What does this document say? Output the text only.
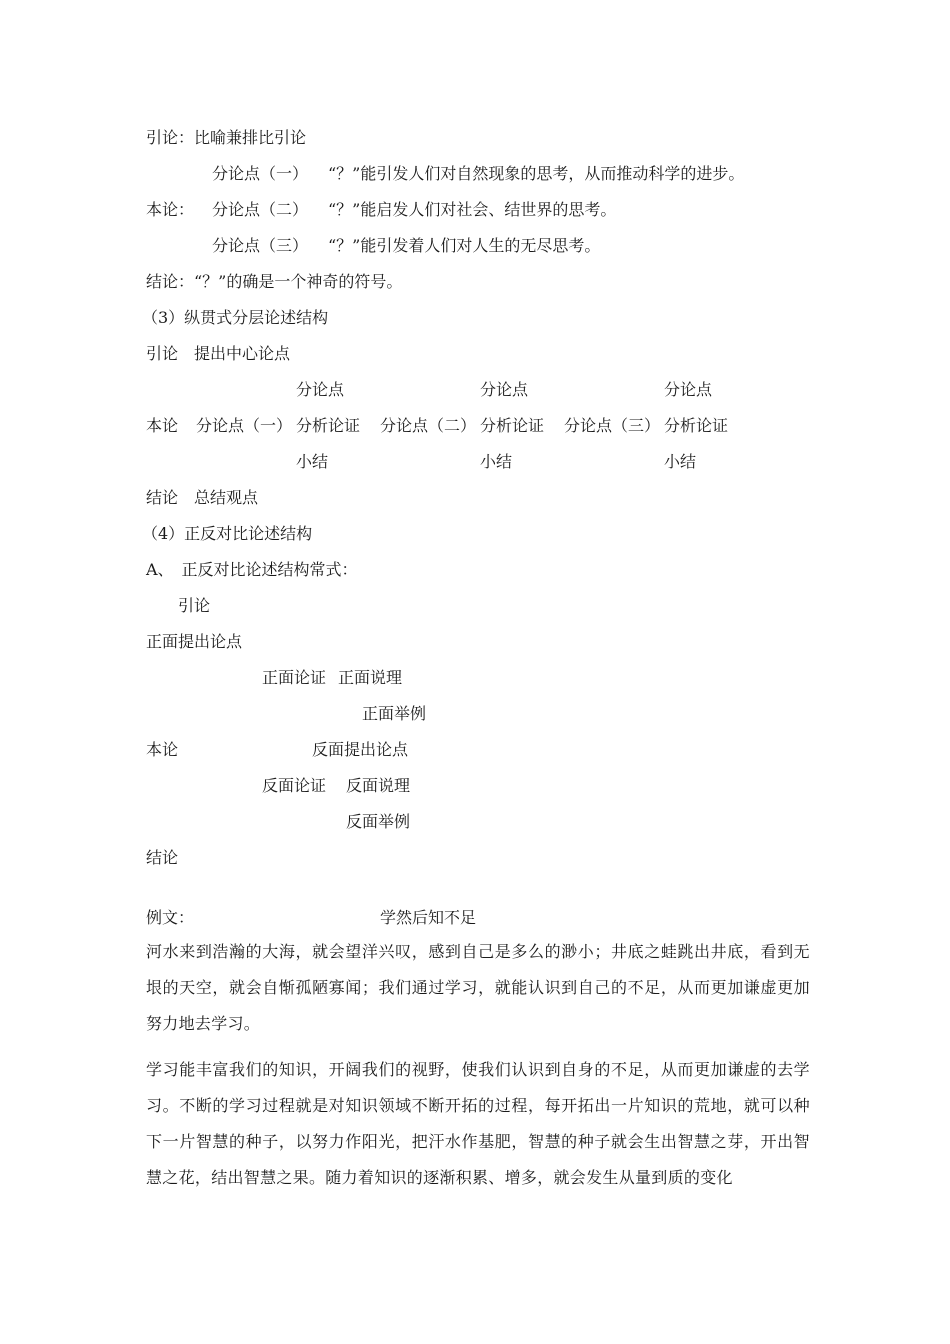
引论：比喻兼排比引论
分论点（一） “？”能引发人们对自然现象的思考，从而推动科学的进步。
本论： 分论点（二） “？”能启发人们对社会、结世界的思考。
分论点（三） “？”能引发着人们对人生的无尽思考。
结论：“？”的确是一个神奇的符号。
（3）纵贯式分层论述结构
引论　提出中心论点
分论点	分论点	分论点
本论 分论点（一） 分析论证 分论点（二） 分析论证 分论点（三） 分析论证
小结	小结	小结
结论　总结观点
（4）正反对比论述结构
A、　正反对比论述结构常式：
引论
正面提出论点
正面论证 正面说理
正面举例
本论	反面提出论点
反面论证 反面说理
反面举例
结论
例文：	学然后知不足
河水来到浩瀚的大海，就会望洋兴叹，感到自己是多么的渺小；井底之蛙跳出井底，看到无垠的天空，就会自惭孤陋寡闻；我们通过学习，就能认识到自己的不足，从而更加谦虚更加努力地去学习。
学习能丰富我们的知识，开阔我们的视野，使我们认识到自身的不足，从而更加谦虚的去学习。不断的学习过程就是对知识领域不断开拓的过程，每开拓出一片知识的荒地，就可以种下一片智慧的种子，以努力作阳光，把汗水作基肥，智慧的种子就会生出智慧之芽，开出智慧之花，结出智慧之果。随力着知识的逐渐积累、增多，就会发生从量到质的变化
